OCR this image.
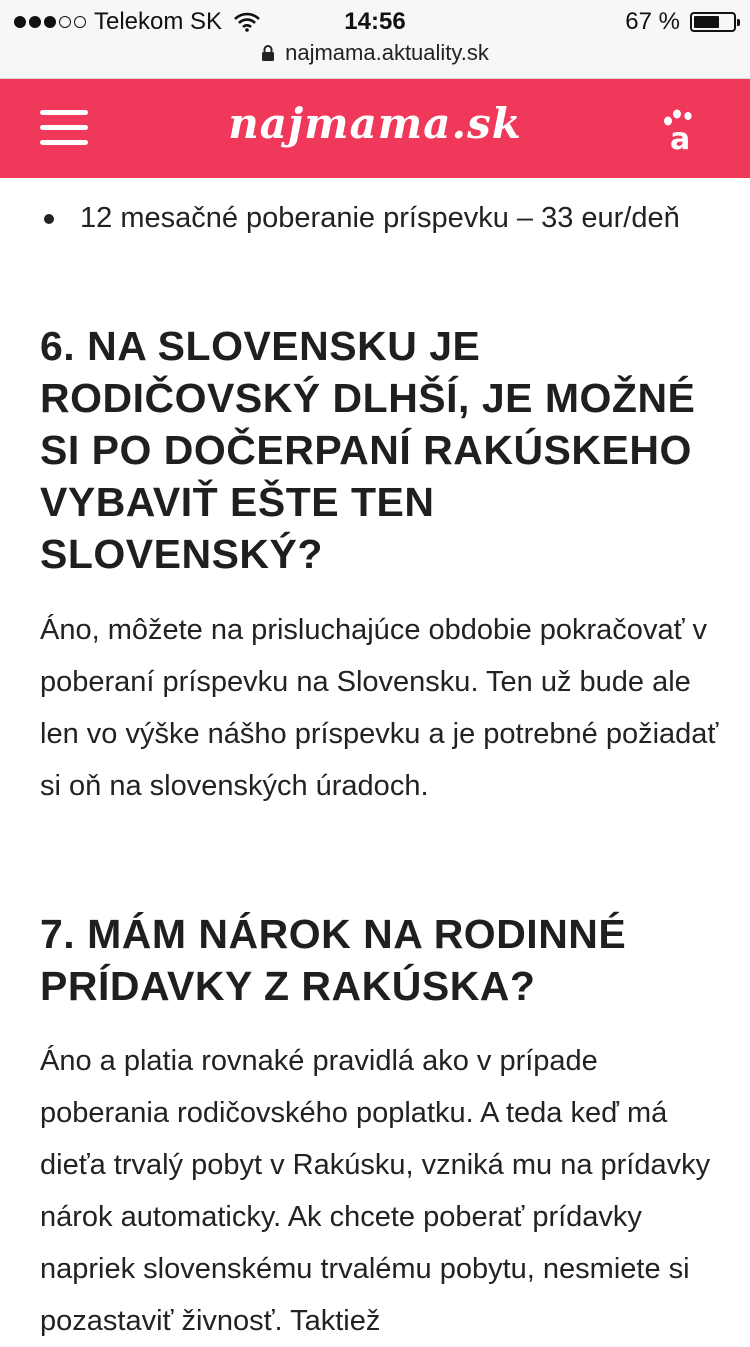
Telekom SK	14:56	67 %
najmama.aktuality.sk
najmama.sk	a
12 mesačné poberanie príspevku – 33 eur/deň
6. NA SLOVENSKU JE RODIČOVSKÝ DLHŠÍ, JE MOŽNÉ SI PO DOČERPANÍ RAKÚSKEHO VYBAVIŤ EŠTE TEN SLOVENSKÝ?

Áno, môžete na prisluchajúce obdobie pokračovať v poberaní príspevku na Slovensku. Ten už bude ale len vo výške nášho príspevku a je potrebné požiadať si oň na slovenských úradoch.

7. MÁM NÁROK NA RODINNÉ PRÍDAVKY Z RAKÚSKA?

Áno a platia rovnaké pravidlá ako v prípade poberania rodičovského poplatku. A teda keď má dieťa trvalý pobyt v Rakúsku, vzniká mu na prídavky nárok automaticky. Ak chcete poberať prídavky napriek slovenskému trvalému pobytu, nesmiete si pozastaviť živnosť. Taktiež
